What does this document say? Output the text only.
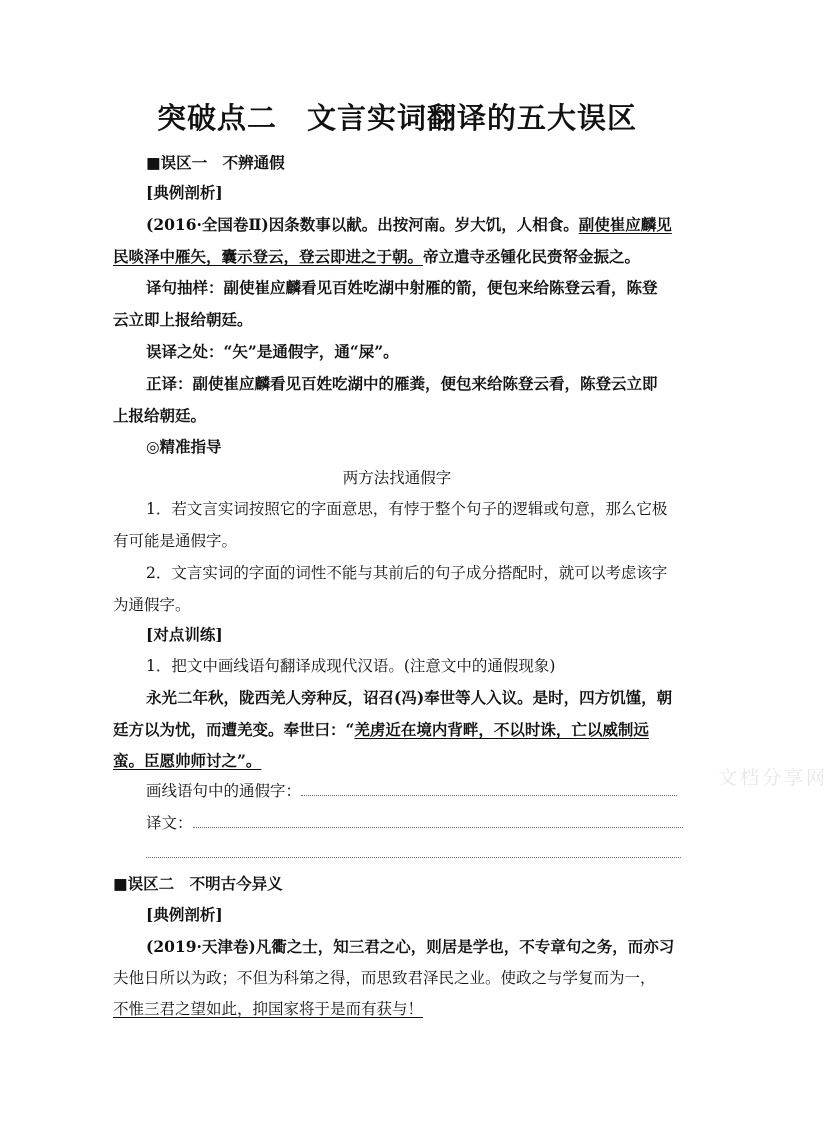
突破点二　文言实词翻译的五大误区
■误区一　不辨通假
[典例剖析]
(2016·全国卷Ⅱ)因条数事以献。出按河南。岁大饥，人相食。副使崔应麟见
民啖泽中雁矢，囊示登云，登云即进之于朝。帝立遣寺丞锺化民赍帑金振之。
译句抽样：副使崔应麟看见百姓吃湖中射雁的箭，便包来给陈登云看，陈登
云立即上报给朝廷。
误译之处：“矢”是通假字，通“屎”。
正译：副使崔应麟看见百姓吃湖中的雁粪，便包来给陈登云看，陈登云立即
上报给朝廷。
◎精准指导
两方法找通假字
1．若文言实词按照它的字面意思，有悖于整个句子的逻辑或句意，那么它极
有可能是通假字。
2．文言实词的字面的词性不能与其前后的句子成分搭配时，就可以考虑该字
为通假字。
[对点训练]
1．把文中画线语句翻译成现代汉语。(注意文中的通假现象)
永光二年秋，陇西羌人旁种反，诏召(冯)奉世等人入议。是时，四方饥馑，朝
廷方以为忧，而遭羌变。奉世曰：“羌虏近在境内背畔，不以时诛，亡以威制远
蛮。臣愿帅师讨之”。
画线语句中的通假字：
译文：
■误区二　不明古今异义
[典例剖析]
(2019·天津卷)凡衢之士，知三君之心，则居是学也，不专章句之务，而亦习
夫他日所以为政；不但为科第之得，而思致君泽民之业。使政之与学复而为一，
不惟三君之望如此，抑国家将于是而有获与！
文档分享网
